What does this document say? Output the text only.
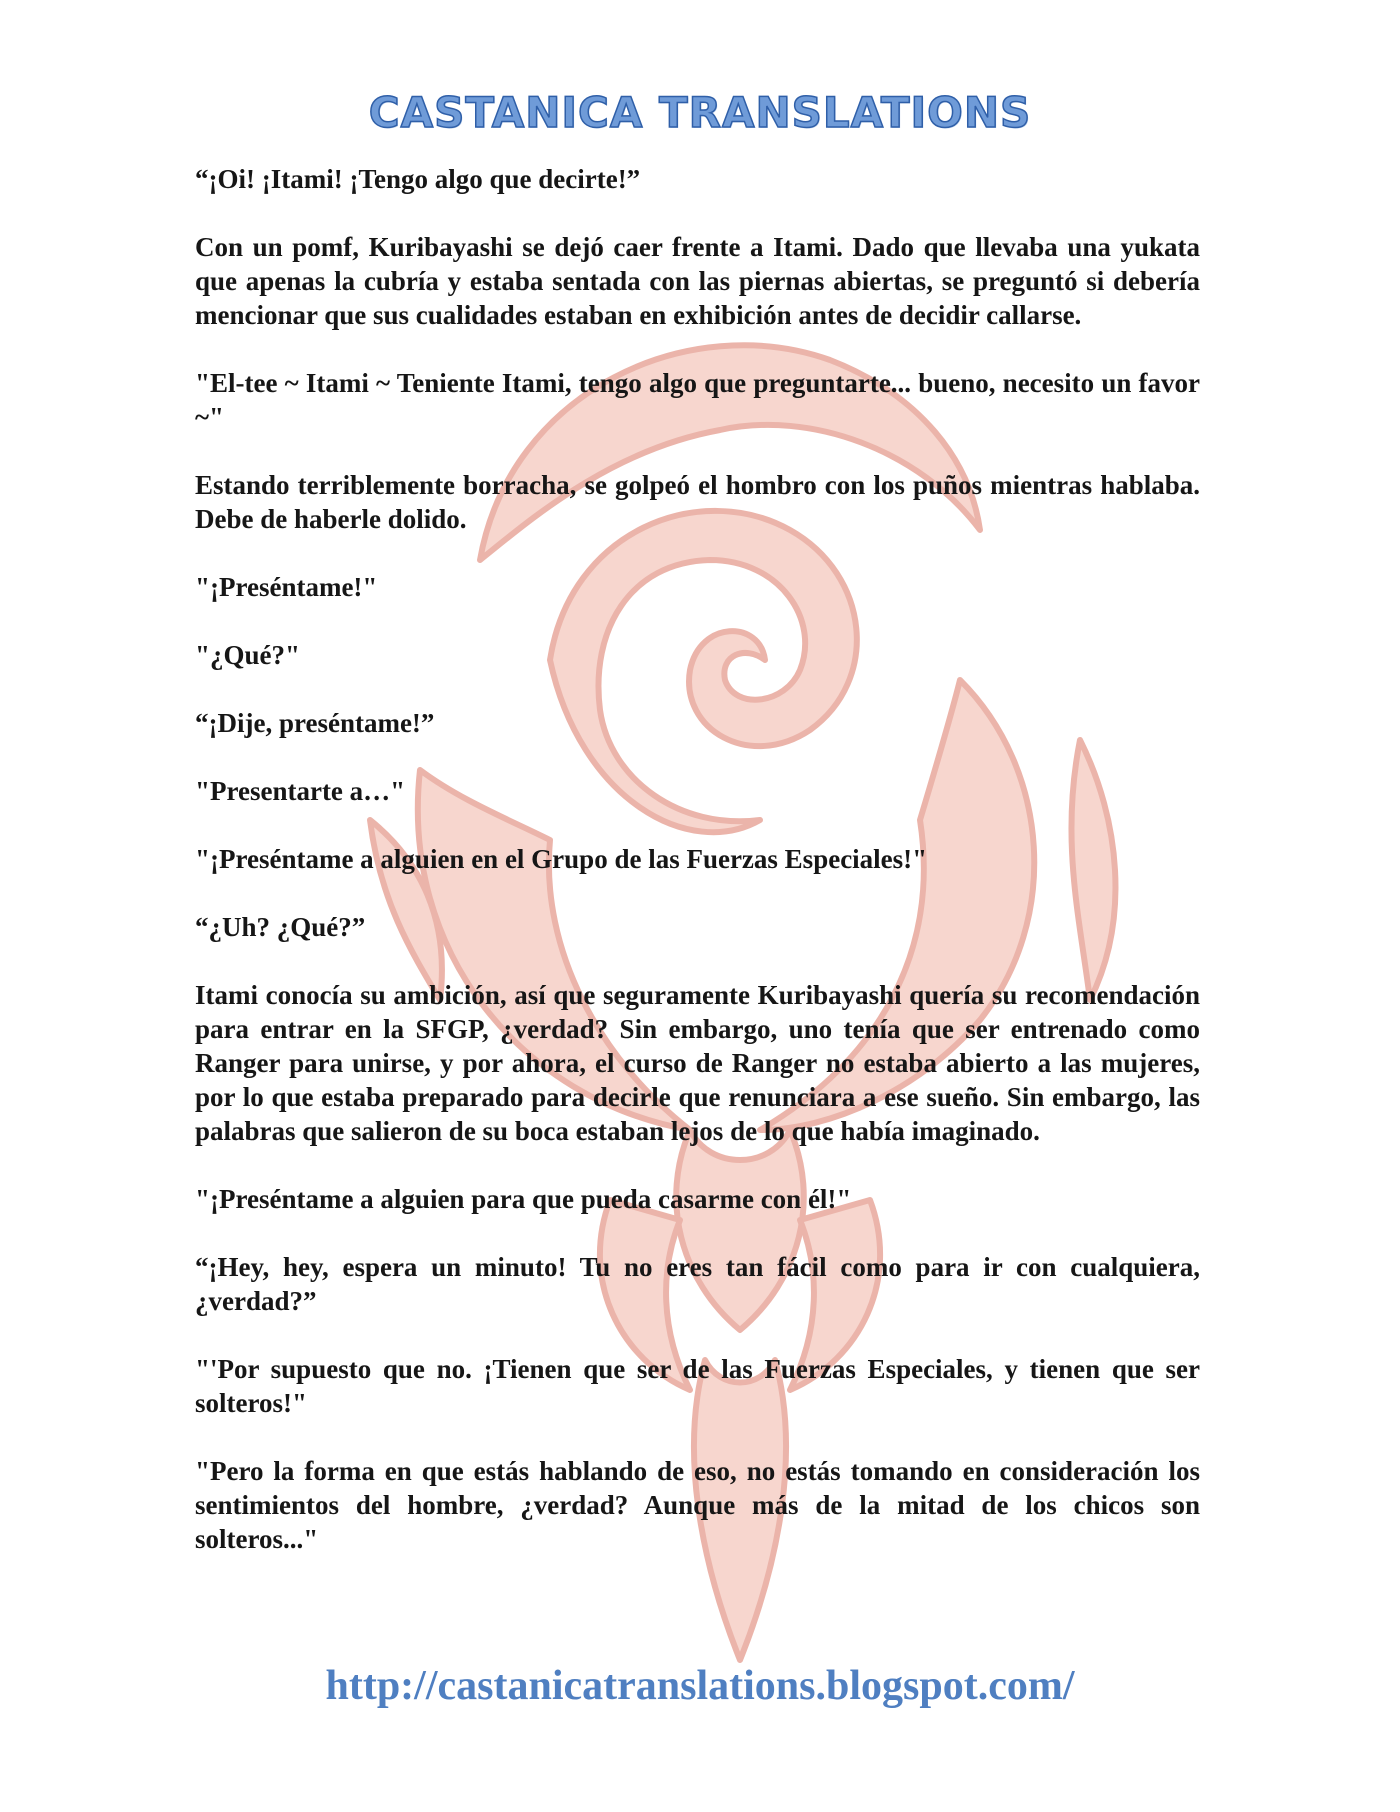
CASTANICA TRANSLATIONS

“¡Oi! ¡Itami! ¡Tengo algo que decirte!”

Con un pomf, Kuribayashi se dejó caer frente a Itami. Dado que llevaba una yukata que apenas la cubría y estaba sentada con las piernas abiertas, se preguntó si debería mencionar que sus cualidades estaban en exhibición antes de decidir callarse.

"El-tee ~ Itami ~ Teniente Itami, tengo algo que preguntarte... bueno, necesito un favor ~"

Estando terriblemente borracha, se golpeó el hombro con los puños mientras hablaba. Debe de haberle dolido.

"¡Preséntame!"

"¿Qué?"

“¡Dije, preséntame!”

"Presentarte a…"

"¡Preséntame a alguien en el Grupo de las Fuerzas Especiales!"

“¿Uh? ¿Qué?”

Itami conocía su ambición, así que seguramente Kuribayashi quería su recomendación para entrar en la SFGP, ¿verdad? Sin embargo, uno tenía que ser entrenado como Ranger para unirse, y por ahora, el curso de Ranger no estaba abierto a las mujeres, por lo que estaba preparado para decirle que renunciara a ese sueño. Sin embargo, las palabras que salieron de su boca estaban lejos de lo que había imaginado.

"¡Preséntame a alguien para que pueda casarme con él!"

“¡Hey, hey, espera un minuto! Tu no eres tan fácil como para ir con cualquiera, ¿verdad?”

"'Por supuesto que no. ¡Tienen que ser de las Fuerzas Especiales, y tienen que ser solteros!"

"Pero la forma en que estás hablando de eso, no estás tomando en consideración los sentimientos del hombre, ¿verdad? Aunque más de la mitad de los chicos son solteros..."

http://castanicatranslations.blogspot.com/
